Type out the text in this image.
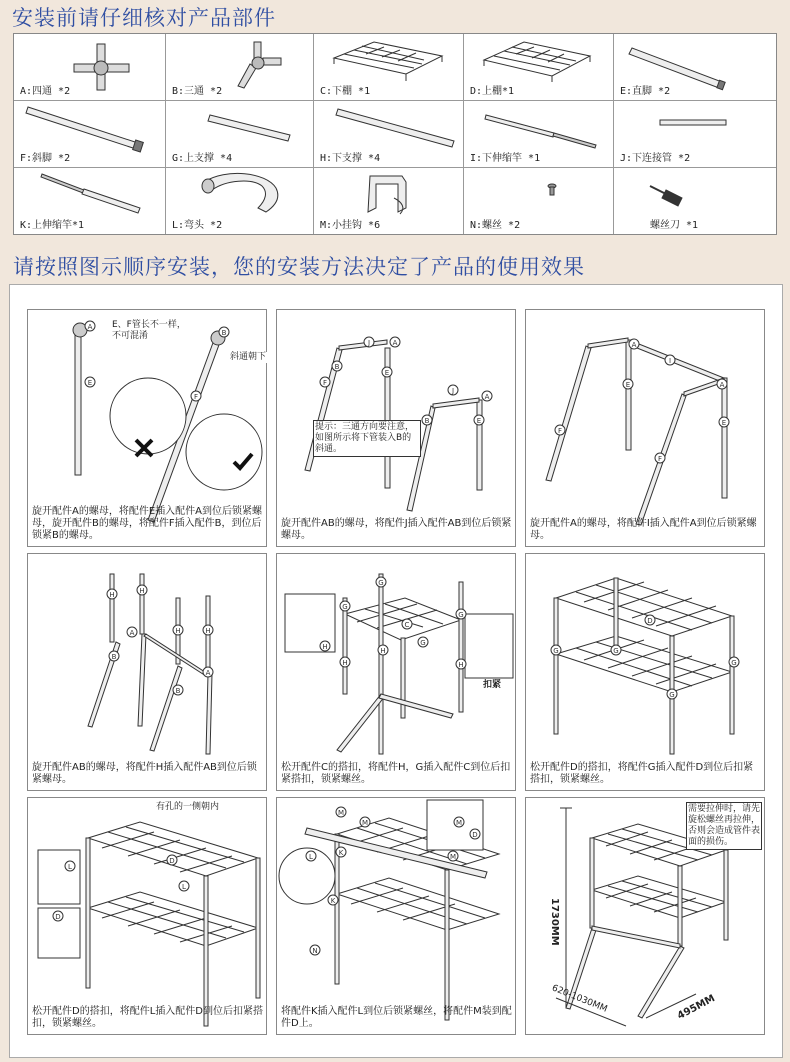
安装前请仔细核对产品部件
A:四通 *2	B:三通 *2	C:下棚 *1	D:上棚*1	E:直脚 *2
F:斜脚 *2	G:上支撑 *4	H:下支撑 *4	I:下伸缩竿 *1	J:下连接管 *2
K:上伸缩竿*1	L:弯头 *2	M:小挂钩 *6	N:螺丝 *2	螺丝刀 *1
请按照图示顺序安装，您的安装方法决定了产品的使用效果
A
B
E
F
E、F管长不一样，不可混淆
斜通朝下
旋开配件A的螺母，将配件E插入配件A到位后锁紧螺母，旋开配件B的螺母，将配件F插入配件B，到位后锁紧B的螺母。
A
J
B
F
E
A
J
B	E
提示：三通方向要注意，如图所示将下管装入B的斜通。
旋开配件AB的螺母，将配件J插入配件AB到位后锁紧螺母。
A
I
A
F
E
F
E
旋开配件A的螺母，将配件I插入配件A到位后锁紧螺母。
H	H
H	H
A
B
A
B
旋开配件AB的螺母，将配件H插入配件AB到位后锁紧螺母。
G
G
G
C
G
H
H	H
H
扣紧
松开配件C的搭扣，将配件H，G插入配件C到位后扣紧搭扣，锁紧螺丝。
D
G
G
G
G
松开配件D的搭扣，将配件G插入配件D到位后扣紧搭扣，锁紧螺丝。
D
L
D
L
有孔的一侧朝内
松开配件D的搭扣，将配件L插入配件D到位后扣紧搭扣，锁紧螺丝。
M
M
K	M
M
D
L
K
N
将配件K插入配件L到位后锁紧螺丝，将配件M装到配件D上。
需要拉伸时，请先旋松螺丝再拉伸，否则会造成管件表面的损伤。
1730MM
620-1030MM	495MM
